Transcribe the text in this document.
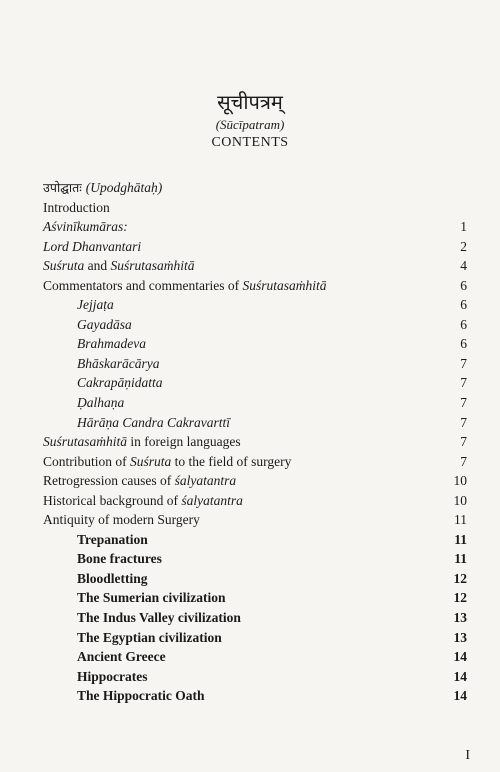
सूचीपत्रम्
(Sūcīpatram)
CONTENTS
उपोद्घातः (Upodghātaḥ)
Introduction
Aśvinīkumāras:	1
Lord Dhanvantari	2
Suśruta and Suśrutasaṁhitā	4
Commentators and commentaries of Suśrutasaṁhitā	6
Jejjaṭa	6
Gayadāsa	6
Brahmadeva	6
Bhāskarācārya	7
Cakrapāṇidatta	7
Ḍalhaṇa	7
Hārāṇa Candra Cakravarttī	7
Suśrutasaṁhitā in foreign languages	7
Contribution of Suśruta to the field of surgery	7
Retrogression causes of śalyatantra	10
Historical background of śalyatantra	10
Antiquity of modern Surgery	11
Trepanation	11
Bone fractures	11
Bloodletting	12
The Sumerian civilization	12
The Indus Valley civilization	13
The Egyptian civilization	13
Ancient Greece	14
Hippocrates	14
The Hippocratic Oath	14
I
